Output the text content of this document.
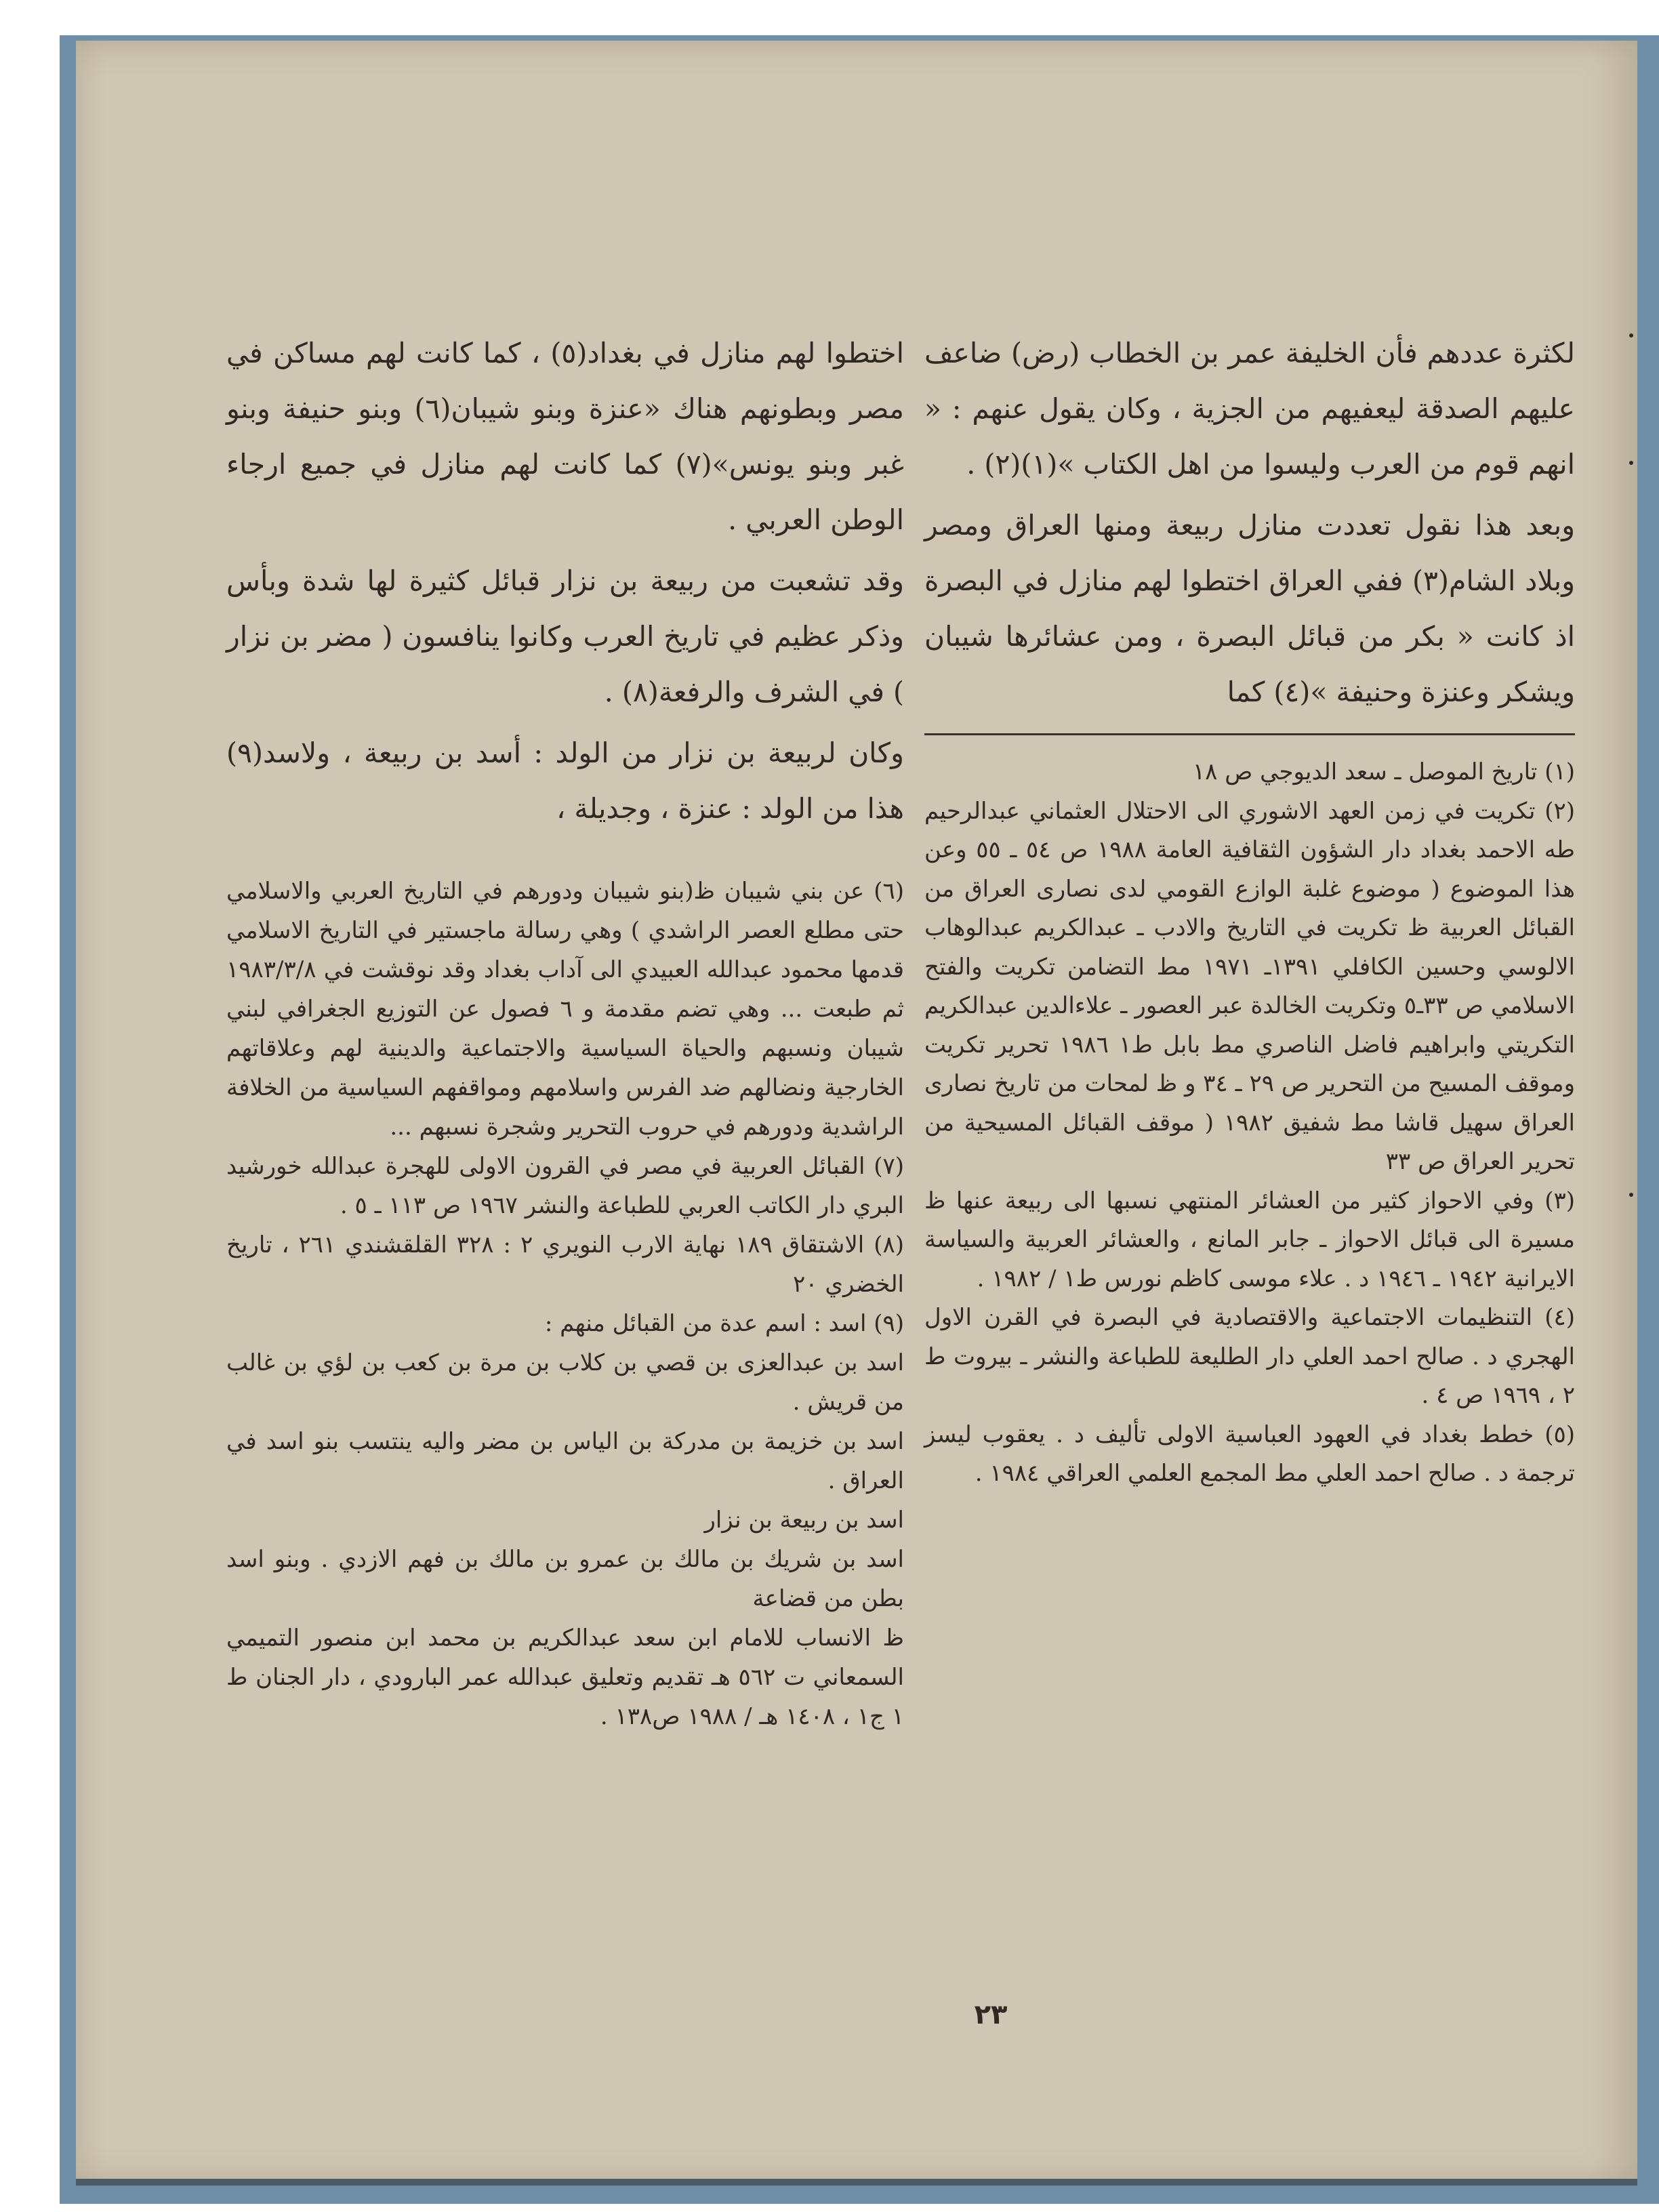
لكثرة عددهم فأن الخليفة عمر بن الخطاب (رض) ضاعف عليهم الصدقة ليعفيهم من الجزية ، وكان يقول عنهم : « انهم قوم من العرب وليسوا من اهل الكتاب »(١)(٢) .

وبعد هذا نقول تعددت منازل ربيعة ومنها العراق ومصر وبلاد الشام(٣) ففي العراق اختطوا لهم منازل في البصرة اذ كانت « بكر من قبائل البصرة ، ومن عشائرها شيبان ويشكر وعنزة وحنيفة »(٤) كما

(١) تاريخ الموصل ـ سعد الديوجي ص ١٨

(٢) تكريت في زمن العهد الاشوري الى الاحتلال العثماني عبدالرحيم طه الاحمد بغداد دار الشؤون الثقافية العامة ١٩٨٨ ص ٥٤ ـ ٥٥ وعن هذا الموضوع ( موضوع غلبة الوازع القومي لدى نصارى العراق من القبائل العربية ظ تكريت في التاريخ والادب ـ عبدالكريم عبدالوهاب الالوسي وحسين الكافلي ١٣٩١ـ ١٩٧١ مط التضامن تكريت والفتح الاسلامي ص ٣٣ـ٥ وتكريت الخالدة عبر العصور ـ علاءالدين عبدالكريم التكريتي وابراهيم فاضل الناصري مط بابل ط١ ١٩٨٦ تحرير تكريت وموقف المسيح من التحرير ص ٢٩ ـ ٣٤ و ظ لمحات من تاريخ نصارى العراق سهيل قاشا مط شفيق ١٩٨٢ ( موقف القبائل المسيحية من تحرير العراق ص ٣٣

(٣) وفي الاحواز كثير من العشائر المنتهي نسبها الى ربيعة عنها ظ مسيرة الى قبائل الاحواز ـ جابر المانع ، والعشائر العربية والسياسة الايرانية ١٩٤٢ ـ ١٩٤٦ د . علاء موسى كاظم نورس ط١ / ١٩٨٢ .

(٤) التنظيمات الاجتماعية والاقتصادية في البصرة في القرن الاول الهجري د . صالح احمد العلي دار الطليعة للطباعة والنشر ـ بيروت ط ٢ ، ١٩٦٩ ص ٤ .

(٥) خطط بغداد في العهود العباسية الاولى تأليف د . يعقوب ليسز ترجمة د . صالح احمد العلي مط المجمع العلمي العراقي ١٩٨٤ .

اختطوا لهم منازل في بغداد(٥) ، كما كانت لهم مساكن في مصر وبطونهم هناك «عنزة وبنو شيبان(٦) وبنو حنيفة وبنو غبر وبنو يونس»(٧) كما كانت لهم منازل في جميع ارجاء الوطن العربي .

وقد تشعبت من ربيعة بن نزار قبائل كثيرة لها شدة وبأس وذكر عظيم في تاريخ العرب وكانوا ينافسون ( مضر بن نزار ) في الشرف والرفعة(٨) .

وكان لربيعة بن نزار من الولد : أسد بن ربيعة ، ولاسد(٩) هذا من الولد : عنزة ، وجديلة ،

(٦) عن بني شيبان ظ(بنو شيبان ودورهم في التاريخ العربي والاسلامي حتى مطلع العصر الراشدي ) وهي رسالة ماجستير في التاريخ الاسلامي قدمها محمود عبدالله العبيدي الى آداب بغداد وقد نوقشت في ١٩٨٣/٣/٨ ثم طبعت ... وهي تضم مقدمة و ٦ فصول عن التوزيع الجغرافي لبني شيبان ونسبهم والحياة السياسية والاجتماعية والدينية لهم وعلاقاتهم الخارجية ونضالهم ضد الفرس واسلامهم ومواقفهم السياسية من الخلافة الراشدية ودورهم في حروب التحرير وشجرة نسبهم ...

(٧) القبائل العربية في مصر في القرون الاولى للهجرة عبدالله خورشيد البري دار الكاتب العربي للطباعة والنشر ١٩٦٧ ص ١١٣ ـ ٥ .

(٨) الاشتقاق ١٨٩ نهاية الارب النويري ٢ : ٣٢٨ القلقشندي ٢٦١ ، تاريخ الخضري ٢٠

(٩) اسد : اسم عدة من القبائل منهم :

اسد بن عبدالعزى بن قصي بن كلاب بن مرة بن كعب بن لؤي بن غالب من قريش .

اسد بن خزيمة بن مدركة بن الياس بن مضر واليه ينتسب بنو اسد في العراق .

اسد بن ربيعة بن نزار

اسد بن شريك بن مالك بن عمرو بن مالك بن فهم الازدي . وبنو اسد بطن من قضاعة

ظ الانساب للامام ابن سعد عبدالكريم بن محمد ابن منصور التميمي السمعاني ت ٥٦٢ هـ تقديم وتعليق عبدالله عمر البارودي ، دار الجنان ط ١ ج١ ، ١٤٠٨ هـ / ١٩٨٨ ص١٣٨ .

٢٣
